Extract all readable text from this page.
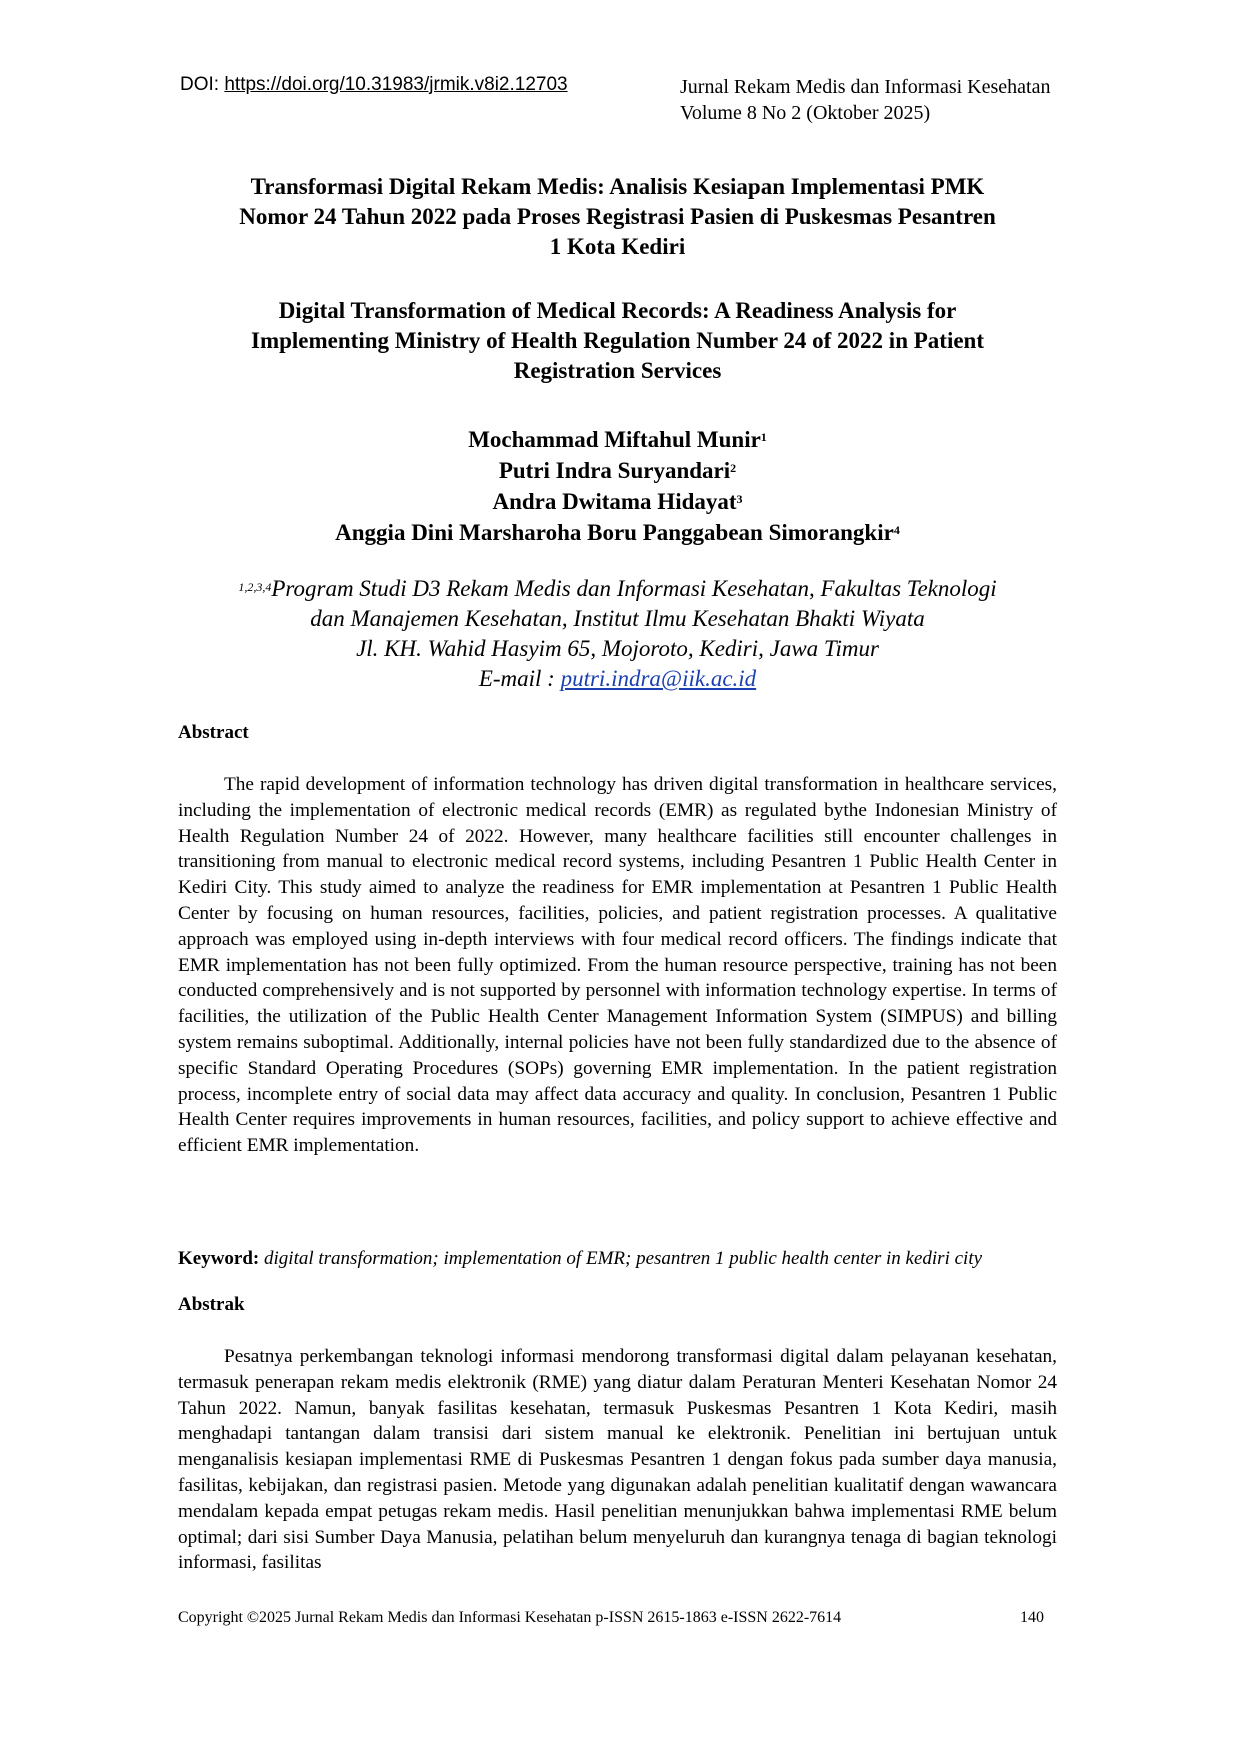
DOI: https://doi.org/10.31983/jrmik.v8i2.12703	Jurnal Rekam Medis dan Informasi Kesehatan
Volume 8 No 2 (Oktober 2025)
Transformasi Digital Rekam Medis: Analisis Kesiapan Implementasi PMK
Nomor 24 Tahun 2022 pada Proses Registrasi Pasien di Puskesmas Pesantren
1 Kota Kediri
Digital Transformation of Medical Records: A Readiness Analysis for
Implementing Ministry of Health Regulation Number 24 of 2022 in Patient
Registration Services
Mochammad Miftahul Munir$^1$
Putri Indra Suryandari$^2$
Andra Dwitama Hidayat$^3$
Anggia Dini Marsharoha Boru Panggabean Simorangkir$^4$
$^{1,2,3,4}$Program Studi D3 Rekam Medis dan Informasi Kesehatan, Fakultas Teknologi
dan Manajemen Kesehatan, Institut Ilmu Kesehatan Bhakti Wiyata
Jl. KH. Wahid Hasyim 65, Mojoroto, Kediri, Jawa Timur
E-mail : putri.indra@iik.ac.id
Abstract
The rapid development of information technology has driven digital transformation in healthcare services, including the implementation of electronic medical records (EMR) as regulated bythe Indonesian Ministry of Health Regulation Number 24 of 2022. However, many healthcare facilities still encounter challenges in transitioning from manual to electronic medical record systems, including Pesantren 1 Public Health Center in Kediri City. This study aimed to analyze the readiness for EMR implementation at Pesantren 1 Public Health Center by focusing on human resources, facilities, policies, and patient registration processes. A qualitative approach was employed using in-depth interviews with four medical record officers. The findings indicate that EMR implementation has not been fully optimized. From the human resource perspective, training has not been conducted comprehensively and is not supported by personnel with information technology expertise. In terms of facilities, the utilization of the Public Health Center Management Information System (SIMPUS) and billing system remains suboptimal. Additionally, internal policies have not been fully standardized due to the absence of specific Standard Operating Procedures (SOPs) governing EMR implementation. In the patient registration process, incomplete entry of social data may affect data accuracy and quality. In conclusion, Pesantren 1 Public Health Center requires improvements in human resources, facilities, and policy support to achieve effective and efficient EMR implementation.
Keyword: digital transformation; implementation of EMR; pesantren 1 public health center in kediri city
Abstrak
Pesatnya perkembangan teknologi informasi mendorong transformasi digital dalam pelayanan kesehatan, termasuk penerapan rekam medis elektronik (RME) yang diatur dalam Peraturan Menteri Kesehatan Nomor 24 Tahun 2022. Namun, banyak fasilitas kesehatan, termasuk Puskesmas Pesantren 1 Kota Kediri, masih menghadapi tantangan dalam transisi dari sistem manual ke elektronik. Penelitian ini bertujuan untuk menganalisis kesiapan implementasi RME di Puskesmas Pesantren 1 dengan fokus pada sumber daya manusia, fasilitas, kebijakan, dan registrasi pasien. Metode yang digunakan adalah penelitian kualitatif dengan wawancara mendalam kepada empat petugas rekam medis. Hasil penelitian menunjukkan bahwa implementasi RME belum optimal; dari sisi Sumber Daya Manusia, pelatihan belum menyeluruh dan kurangnya tenaga di bagian teknologi informasi, fasilitas
Copyright ©2025 Jurnal Rekam Medis dan Informasi Kesehatan p-ISSN 2615-1863 e-ISSN 2622-7614	140
